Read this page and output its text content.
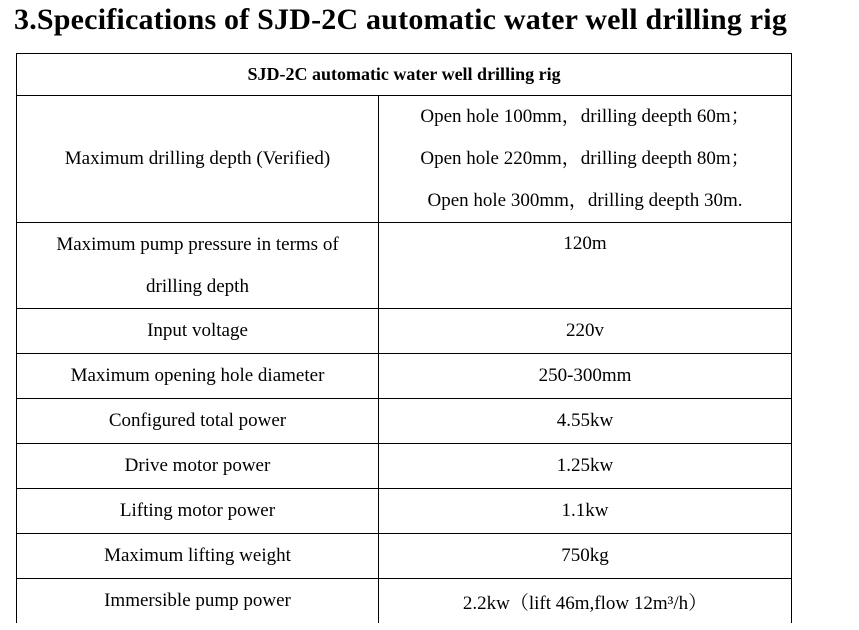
3.Specifications of SJD-2C automatic water well drilling rig
SJD-2C automatic water well drilling rig	

Maximum drilling depth (Verified)	Open hole 100mm，drilling deepth 60m；
Open hole 220mm，drilling deepth 80m；
Open hole 300mm，drilling deepth 30m.

Maximum pump pressure in terms of
drilling depth	120m

Input voltage	220v
Maximum opening hole diameter	250-300mm
Configured total power	4.55kw
Drive motor power	1.25kw
Lifting motor power	1.1kw
Maximum lifting weight	750kg
Immersible pump power	2.2kw（lift 46m,flow 12m³/h）
